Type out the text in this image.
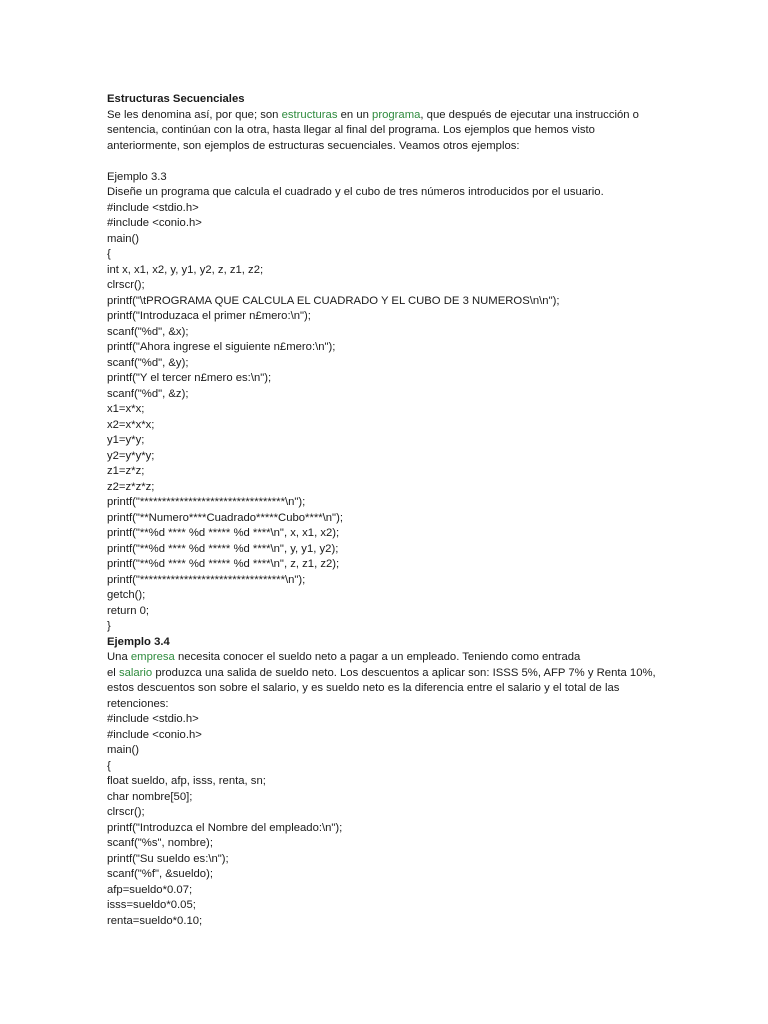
Estructuras Secuenciales
Se les denomina así, por que; son estructuras en un programa, que después de ejecutar una instrucción o
sentencia, continúan con la otra, hasta llegar al final del programa. Los ejemplos que hemos visto
anteriormente, son ejemplos de estructuras secuenciales. Veamos otros ejemplos:
Ejemplo 3.3
Diseñe un programa que calcula el cuadrado y el cubo de tres números introducidos por el usuario.
#include <stdio.h>
#include <conio.h>
main()
{
int x, x1, x2, y, y1, y2, z, z1, z2;
clrscr();
printf("\tPROGRAMA QUE CALCULA EL CUADRADO Y EL CUBO DE 3 NUMEROS\n\n");
printf("Introduzaca el primer n£mero:\n");
scanf("%d", &x);
printf("Ahora ingrese el siguiente n£mero:\n");
scanf("%d", &y);
printf("Y el tercer n£mero es:\n");
scanf("%d", &z);
x1=x*x;
x2=x*x*x;
y1=y*y;
y2=y*y*y;
z1=z*z;
z2=z*z*z;
printf("*********************************\n");
printf("**Numero****Cuadrado*****Cubo****\n");
printf("**%d **** %d ***** %d ****\n", x, x1, x2);
printf("**%d **** %d ***** %d ****\n", y, y1, y2);
printf("**%d **** %d ***** %d ****\n", z, z1, z2);
printf("*********************************\n");
getch();
return 0;
}
Ejemplo 3.4
Una empresa necesita conocer el sueldo neto a pagar a un empleado. Teniendo como entrada
el salario produzca una salida de sueldo neto. Los descuentos a aplicar son: ISSS 5%, AFP 7% y Renta 10%,
estos descuentos son sobre el salario, y es sueldo neto es la diferencia entre el salario y el total de las
retenciones:
#include <stdio.h>
#include <conio.h>
main()
{
float sueldo, afp, isss, renta, sn;
char nombre[50];
clrscr();
printf("Introduzca el Nombre del empleado:\n");
scanf("%s", nombre);
printf("Su sueldo es:\n");
scanf("%f", &sueldo);
afp=sueldo*0.07;
isss=sueldo*0.05;
renta=sueldo*0.10;
